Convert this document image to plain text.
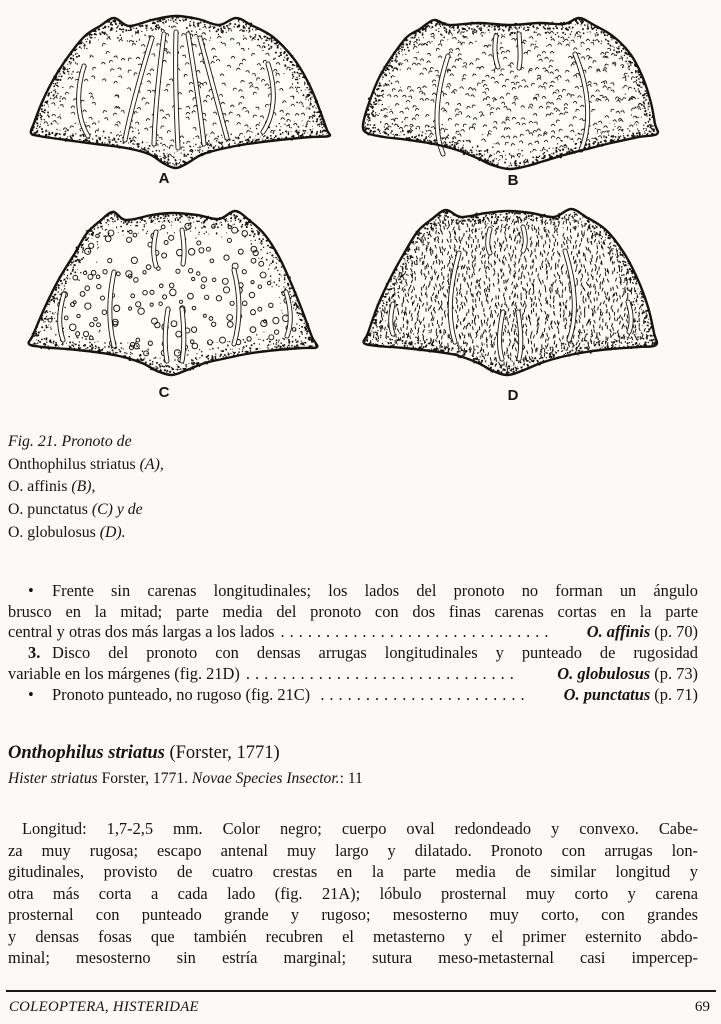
A	B
C	D
Fig. 21. Pronoto de
Onthophilus striatus (A),
O. affinis (B),
O. punctatus (C) y de
O. globulosus (D).
• Frente sin carenas longitudinales; los lados del pronoto no forman un ángulo
brusco en la mitad; parte media del pronoto con dos finas carenas cortas en la parte
central y otras dos más largas a los lados ..............................	O. affinis (p. 70)
3. Disco del pronoto con densas arrugas longitudinales y punteado de rugosidad
variable en los márgenes (fig. 21D) ..............................	O. globulosus (p. 73)
•	Pronoto punteado, no rugoso (fig. 21C) .......................	O. punctatus (p. 71)
Onthophilus striatus (Forster, 1771)
Hister striatus Forster, 1771. Novae Species Insector.: 11
Longitud: 1,7-2,5 mm. Color negro; cuerpo oval redondeado y convexo. Cabe-
za muy rugosa; escapo antenal muy largo y dilatado. Pronoto con arrugas lon-
gitudinales, provisto de cuatro crestas en la parte media de similar longitud y
otra más corta a cada lado (fig. 21A); lóbulo prosternal muy corto y carena
prosternal con punteado grande y rugoso; mesosterno muy corto, con grandes
y densas fosas que también recubren el metasterno y el primer esternito abdo-
minal; mesosterno sin estría marginal; sutura meso-metasternal casi impercep-
COLEOPTERA, HISTERIDAE	69
